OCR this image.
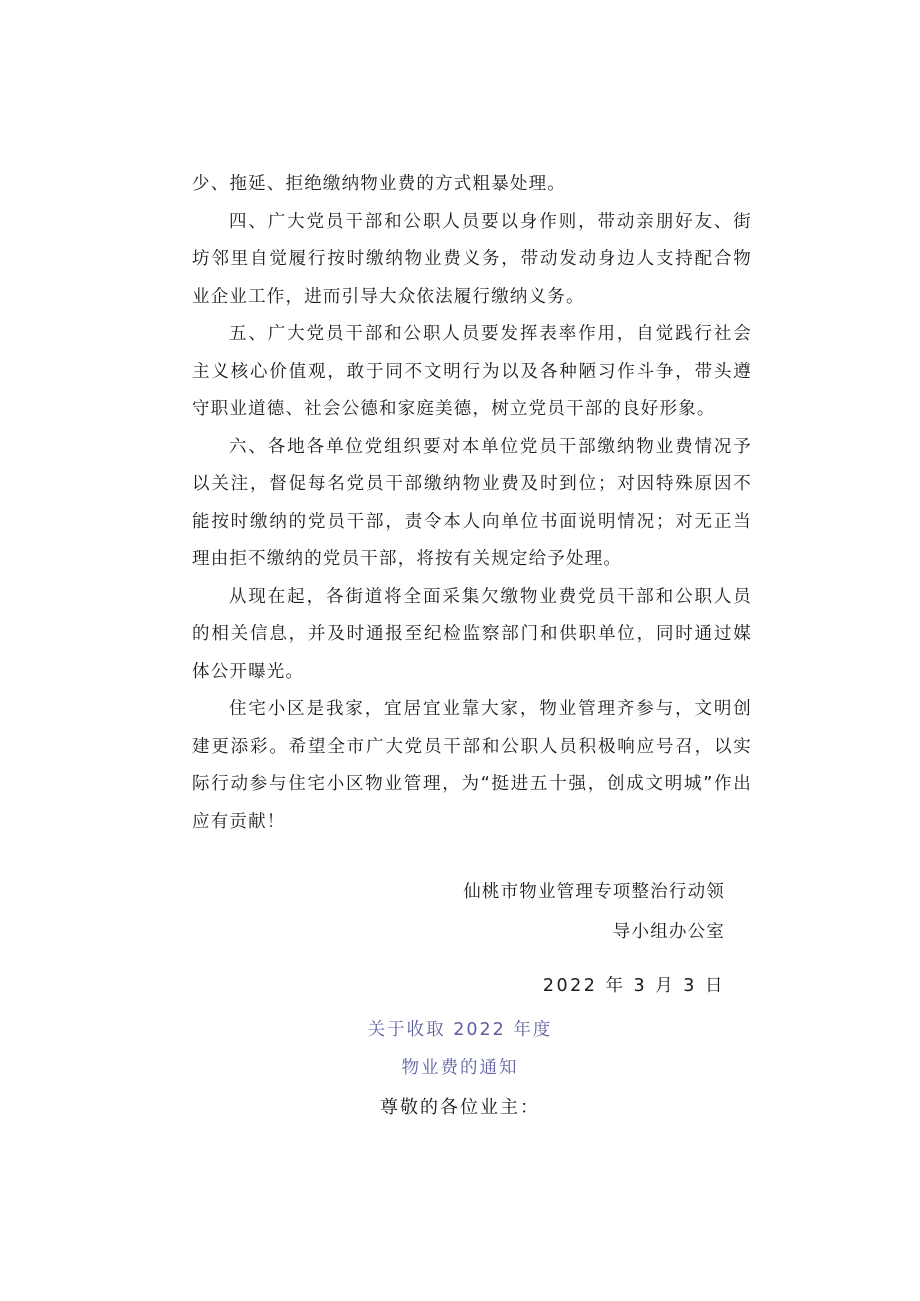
少、拖延、拒绝缴纳物业费的方式粗暴处理。

四、广大党员干部和公职人员要以身作则，带动亲朋好友、街坊邻里自觉履行按时缴纳物业费义务，带动发动身边人支持配合物业企业工作，进而引导大众依法履行缴纳义务。

五、广大党员干部和公职人员要发挥表率作用，自觉践行社会主义核心价值观，敢于同不文明行为以及各种陋习作斗争，带头遵守职业道德、社会公德和家庭美德，树立党员干部的良好形象。

六、各地各单位党组织要对本单位党员干部缴纳物业费情况予以关注，督促每名党员干部缴纳物业费及时到位；对因特殊原因不能按时缴纳的党员干部，责令本人向单位书面说明情况；对无正当理由拒不缴纳的党员干部，将按有关规定给予处理。

从现在起，各街道将全面采集欠缴物业费党员干部和公职人员的相关信息，并及时通报至纪检监察部门和供职单位，同时通过媒体公开曝光。

住宅小区是我家，宜居宜业靠大家，物业管理齐参与，文明创建更添彩。希望全市广大党员干部和公职人员积极响应号召，以实际行动参与住宅小区物业管理，为“挺进五十强，创成文明城”作出应有贡献！

仙桃市物业管理专项整治行动领
导小组办公室
2022 年 3 月 3 日
关于收取 2022 年度
物业费的通知
尊敬的各位业主：
